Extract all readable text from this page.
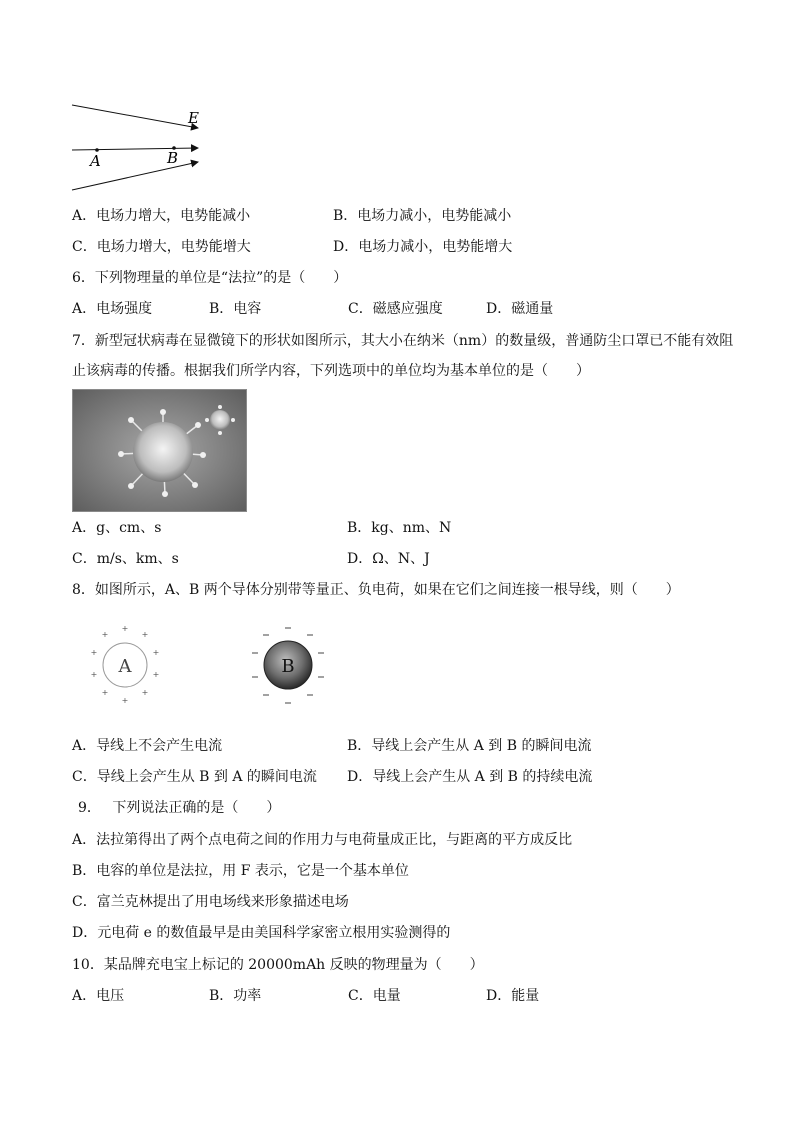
E
A	B
A．电场力增大，电势能减小	B．电场力减小，电势能减小
C．电场力增大，电势能增大	D．电场力减小，电势能增大
6．下列物理量的单位是“法拉”的是（　　）
A．电场强度	B．电容	C．磁感应强度	D．磁通量
7．新型冠状病毒在显微镜下的形状如图所示，其大小在纳米（nm）的数量级，普通防尘口罩已不能有效阻
止该病毒的传播。根据我们所学内容，下列选项中的单位均为基本单位的是（　　）
A．g、cm、s	B．kg、nm、N
C．m/s、km、s	D．Ω、N、J
8．如图所示，A、B 两个导体分别带等量正、负电荷，如果在它们之间连接一根导线，则（　　）
A
+
+
+
+
+
+
+
+
+
+
B
A．导线上不会产生电流	B．导线上会产生从 A 到 B 的瞬间电流
C．导线上会产生从 B 到 A 的瞬间电流 D．导线上会产生从 A 到 B 的持续电流
9．　 下列说法正确的是（　　）
A．法拉第得出了两个点电荷之间的作用力与电荷量成正比，与距离的平方成反比
B．电容的单位是法拉，用 F 表示，它是一个基本单位
C．富兰克林提出了用电场线来形象描述电场
D．元电荷 e 的数值最早是由美国科学家密立根用实验测得的
10．某品牌充电宝上标记的 20000mAh 反映的物理量为（　　）
A．电压	B．功率	C．电量	D．能量
